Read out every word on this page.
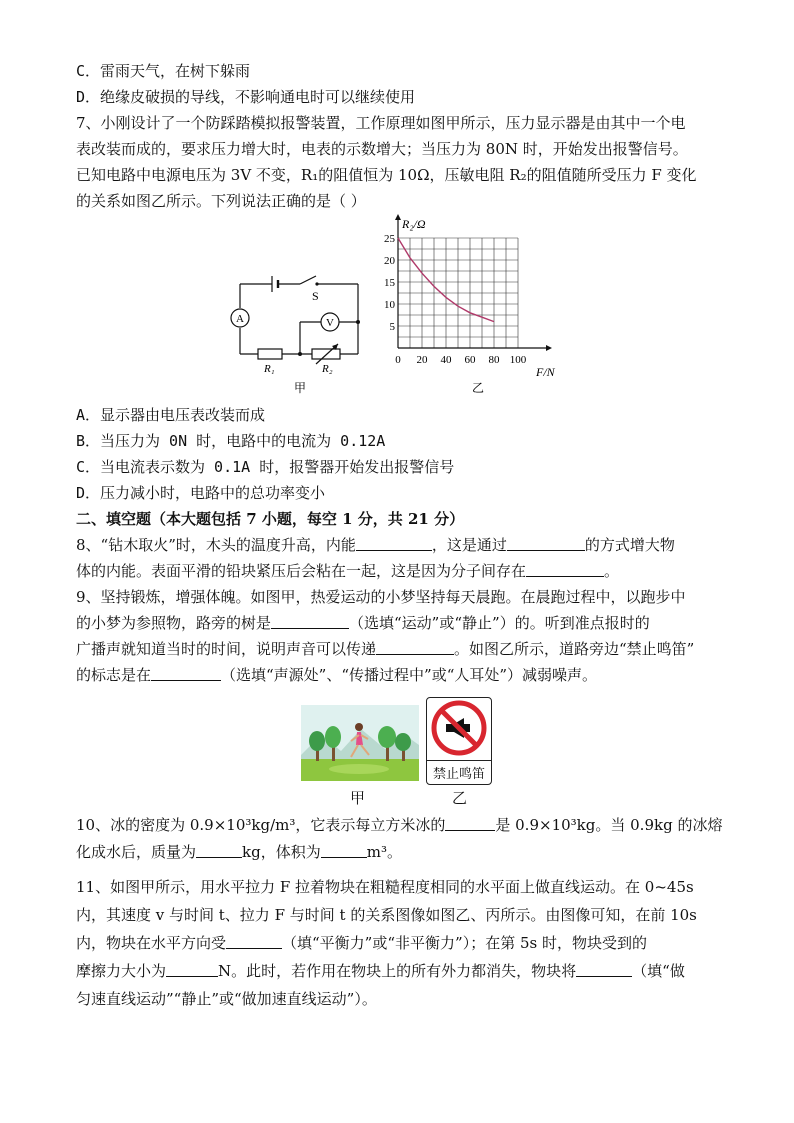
C．雷雨天气，在树下躲雨
D．绝缘皮破损的导线，不影响通电时可以继续使用
7、小刚设计了一个防踩踏模拟报警装置，工作原理如图甲所示，压力显示器是由其中一个电
表改装而成的，要求压力增大时，电表的示数增大；当压力为 80N 时，开始发出报警信号。
已知电路中电源电压为 3V 不变，R₁的阻值恒为 10Ω，压敏电阻 R₂的阻值随所受压力 F 变化
的关系如图乙所示。下列说法正确的是（ ）
A	V
S
R₁	R₂
甲
0 20 40 60 80 100
5
10
15
20
25
R₂/Ω
F/N
乙
A．显示器由电压表改装而成
B．当压力为 0N 时，电路中的电流为 0.12A
C．当电流表示数为 0.1A 时，报警器开始发出报警信号
D．压力减小时，电路中的总功率变小
二、填空题（本大题包括 7 小题，每空 1 分，共 21 分）
8、“钻木取火”时，木头的温度升高，内能	，这是通过	的方式增大物
体的内能。表面平滑的铅块紧压后会粘在一起，这是因为分子间存在	。
9、坚持锻炼，增强体魄。如图甲，热爱运动的小梦坚持每天晨跑。在晨跑过程中，以跑步中
的小梦为参照物，路旁的树是	（选填“运动”或“静止”）的。听到准点报时的
广播声就知道当时的时间，说明声音可以传递	。如图乙所示，道路旁边“禁止鸣笛”
的标志是在	（选填“声源处”、“传播过程中”或“人耳处”）减弱噪声。
禁止鸣笛
甲	乙
10、冰的密度为 0.9×10³kg/m³，它表示每立方米冰的	是 0.9×10³kg。当 0.9kg 的冰熔
化成水后，质量为	kg，体积为	m³。
11、如图甲所示，用水平拉力 F 拉着物块在粗糙程度相同的水平面上做直线运动。在 0~45s
内，其速度 v 与时间 t、拉力 F 与时间 t 的关系图像如图乙、丙所示。由图像可知，在前 10s
内，物块在水平方向受	（填“平衡力”或“非平衡力”）；在第 5s 时，物块受到的
摩擦力大小为	N。此时，若作用在物块上的所有外力都消失，物块将	（填“做
匀速直线运动”“静止”或“做加速直线运动”）。
